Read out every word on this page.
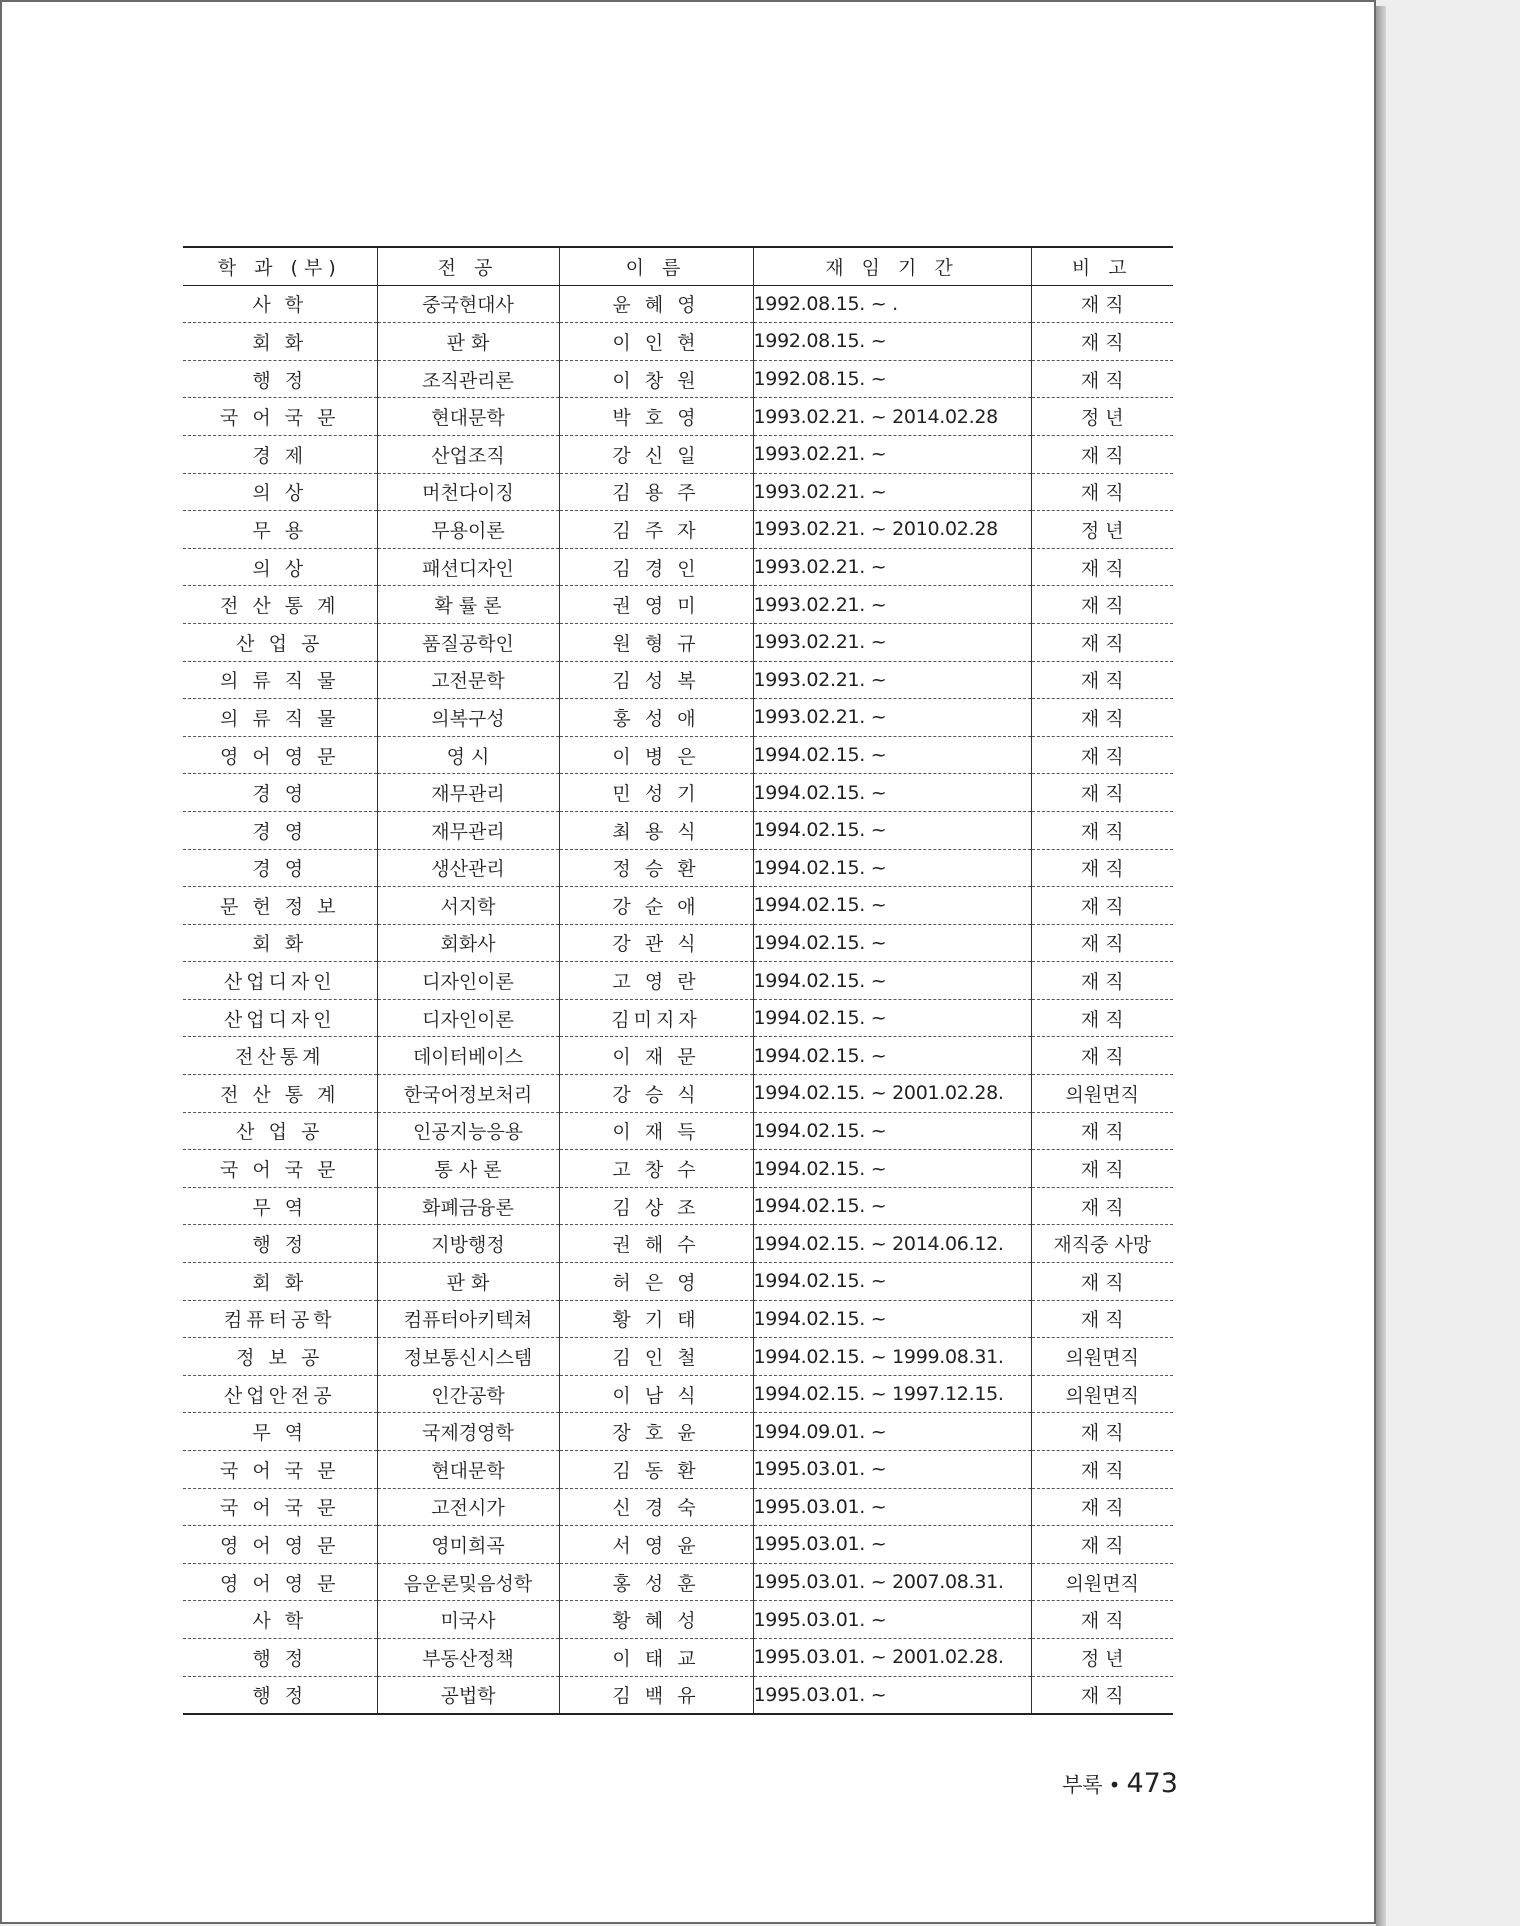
학 과 (부)	전 공	이 름	재 임 기 간	비 고
사 학	중국현대사	윤 혜 영	1992.08.15. ~ .	재 직
회 화	판 화	이 인 현	1992.08.15. ~	재 직
행 정	조직관리론	이 창 원	1992.08.15. ~	재 직
국 어 국 문	현대문학	박 호 영	1993.02.21. ~ 2014.02.28	정 년
경 제	산업조직	강 신 일	1993.02.21. ~	재 직
의 상	머천다이징	김 용 주	1993.02.21. ~	재 직
무 용	무용이론	김 주 자	1993.02.21. ~ 2010.02.28	정 년
의 상	패션디자인	김 경 인	1993.02.21. ~	재 직
전 산 통 계	확 률 론	권 영 미	1993.02.21. ~	재 직
산 업 공	품질공학인	원 형 규	1993.02.21. ~	재 직
의 류 직 물	고전문학	김 성 복	1993.02.21. ~	재 직
의 류 직 물	의복구성	홍 성 애	1993.02.21. ~	재 직
영 어 영 문	영 시	이 병 은	1994.02.15. ~	재 직
경 영	재무관리	민 성 기	1994.02.15. ~	재 직
경 영	재무관리	최 용 식	1994.02.15. ~	재 직
경 영	생산관리	정 승 환	1994.02.15. ~	재 직
문 헌 정 보	서지학	강 순 애	1994.02.15. ~	재 직
회 화	회화사	강 관 식	1994.02.15. ~	재 직
산업디자인	디자인이론	고 영 란	1994.02.15. ~	재 직
산업디자인	디자인이론	김미지자	1994.02.15. ~	재 직
전산통계	데이터베이스	이 재 문	1994.02.15. ~	재 직
전 산 통 계	한국어정보처리	강 승 식	1994.02.15. ~ 2001.02.28.	의원면직
산 업 공	인공지능응용	이 재 득	1994.02.15. ~	재 직
국 어 국 문	통 사 론	고 창 수	1994.02.15. ~	재 직
무 역	화폐금융론	김 상 조	1994.02.15. ~	재 직
행 정	지방행정	권 해 수	1994.02.15. ~ 2014.06.12.	재직중 사망
회 화	판 화	허 은 영	1994.02.15. ~	재 직
컴퓨터공학	컴퓨터아키텍쳐	황 기 태	1994.02.15. ~	재 직
정 보 공	정보통신시스템	김 인 철	1994.02.15. ~ 1999.08.31.	의원면직
산업안전공	인간공학	이 남 식	1994.02.15. ~ 1997.12.15.	의원면직
무 역	국제경영학	장 호 윤	1994.09.01. ~	재 직
국 어 국 문	현대문학	김 동 환	1995.03.01. ~	재 직
국 어 국 문	고전시가	신 경 숙	1995.03.01. ~	재 직
영 어 영 문	영미희곡	서 영 윤	1995.03.01. ~	재 직
영 어 영 문	음운론및음성학	홍 성 훈	1995.03.01. ~ 2007.08.31.	의원면직
사 학	미국사	황 혜 성	1995.03.01. ~	재 직
행 정	부동산정책	이 태 교	1995.03.01. ~ 2001.02.28.	정 년
행 정	공법학	김 백 유	1995.03.01. ~	재 직
부록 • 473
